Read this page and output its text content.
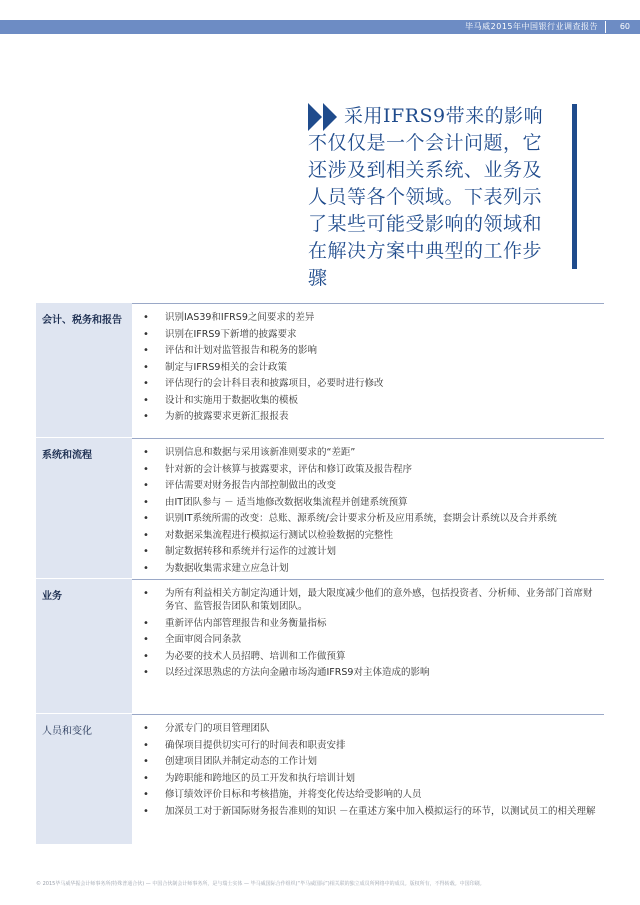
毕马威2015年中国银行业调查报告	60
采用IFRS9带来的影响不仅仅是一个会计问题，它还涉及到相关系统、业务及人员等各个领域。下表列示了某些可能受影响的领域和在解决方案中典型的工作步骤
会计、税务和报告	• 识别IAS39和IFRS9之间要求的差异
• 识别在IFRS9下新增的披露要求
• 评估和计划对监管报告和税务的影响
• 制定与IFRS9相关的会计政策
• 评估现行的会计科目表和披露项目，必要时进行修改
• 设计和实施用于数据收集的模板
• 为新的披露要求更新汇报报表
系统和流程	• 识别信息和数据与采用该新准则要求的“差距”
• 针对新的会计核算与披露要求，评估和修订政策及报告程序
• 评估需要对财务报告内部控制做出的改变
• 由IT团队参与 － 适当地修改数据收集流程并创建系统预算
• 识别IT系统所需的改变：总账、源系统/会计要求分析及应用系统，套期会计系统以及合并系统
• 对数据采集流程进行模拟运行测试以检验数据的完整性
• 制定数据转移和系统并行运作的过渡计划
• 为数据收集需求建立应急计划
业务	• 为所有利益相关方制定沟通计划，最大限度减少他们的意外感，包括投资者、分析师、业务部门首席财务官、监管报告团队和策划团队。
• 重新评估内部管理报告和业务衡量指标
• 全面审阅合同条款
• 为必要的技术人员招聘、培训和工作做预算
• 以经过深思熟虑的方法向金融市场沟通IFRS9对主体造成的影响
人员和变化	• 分派专门的项目管理团队
• 确保项目提供切实可行的时间表和职责安排
• 创建项目团队并制定动态的工作计划
• 为跨职能和跨地区的员工开发和执行培训计划
• 修订绩效评价目标和考核措施，并将变化传达给受影响的人员
• 加深员工对于新国际财务报告准则的知识 －在重述方案中加入模拟运行的环节，以测试员工的相关理解
© 2015毕马威华振会计师事务所(特殊普通合伙) — 中国合伙制会计师事务所，是与瑞士实体 — 毕马威国际合作组织(“毕马威国际”)相关联的独立成员所网络中的成员。版权所有，不得转载。中国印刷。
